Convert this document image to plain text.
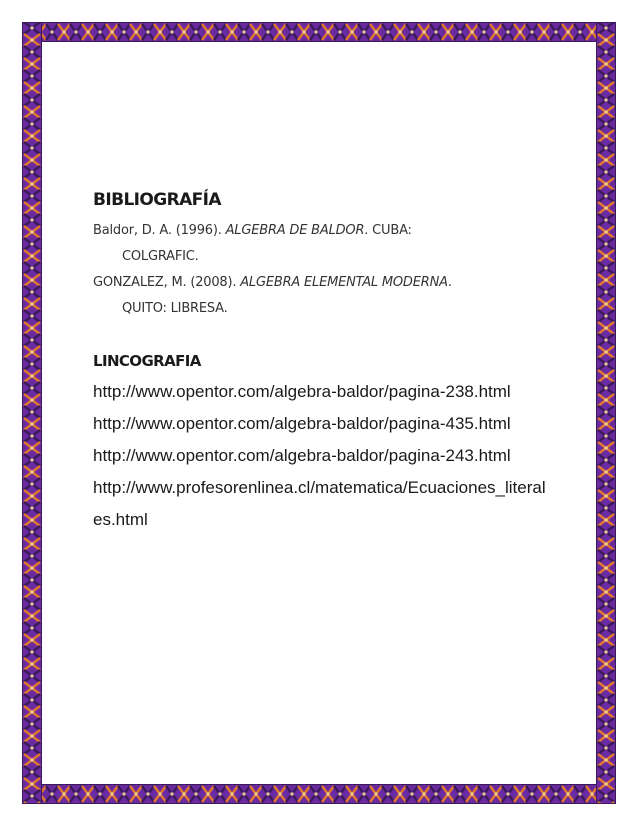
BIBLIOGRAFÍA
Baldor, D. A. (1996). ALGEBRA DE BALDOR. CUBA:
COLGRAFIC.
GONZALEZ, M. (2008). ALGEBRA ELEMENTAL MODERNA.
QUITO: LIBRESA.
LINCOGRAFIA
http://www.opentor.com/algebra-baldor/pagina-238.html
http://www.opentor.com/algebra-baldor/pagina-435.html
http://www.opentor.com/algebra-baldor/pagina-243.html
http://www.profesorenlinea.cl/matematica/Ecuaciones_literales.html
